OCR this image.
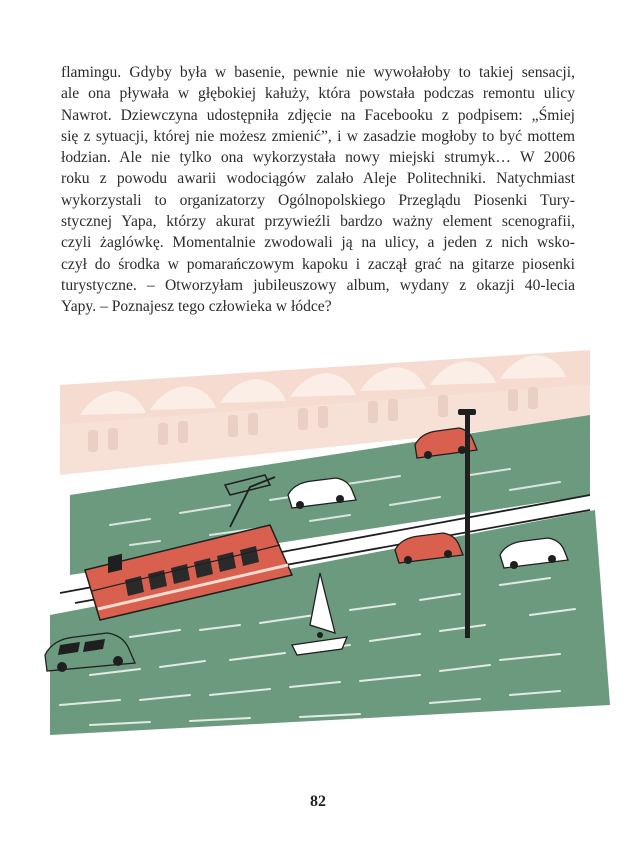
flamingu. Gdyby była w basenie, pewnie nie wywołałoby to takiej sensacji,
ale ona pływała w głębokiej kałuży, która powstała podczas remontu ulicy
Nawrot. Dziewczyna udostępniła zdjęcie na Facebooku z podpisem: „Śmiej
się z sytuacji, której nie możesz zmienić”, i w zasadzie mogłoby to być mottem
łodzian. Ale nie tylko ona wykorzystała nowy miejski strumyk… W 2006
roku z powodu awarii wodociągów zalało Aleje Politechniki. Natychmiast
wykorzystali to organizatorzy Ogólnopolskiego Przeglądu Piosenki Tury-
stycznej Yapa, którzy akurat przywieźli bardzo ważny element scenografii,
czyli żaglówkę. Momentalnie zwodowali ją na ulicy, a jeden z nich wsko-
czył do środka w pomarańczowym kapoku i zaczął grać na gitarze piosenki
turystyczne. – Otworzyłam jubileuszowy album, wydany z okazji 40-lecia
Yapy. – Poznajesz tego człowieka w łódce?
82
